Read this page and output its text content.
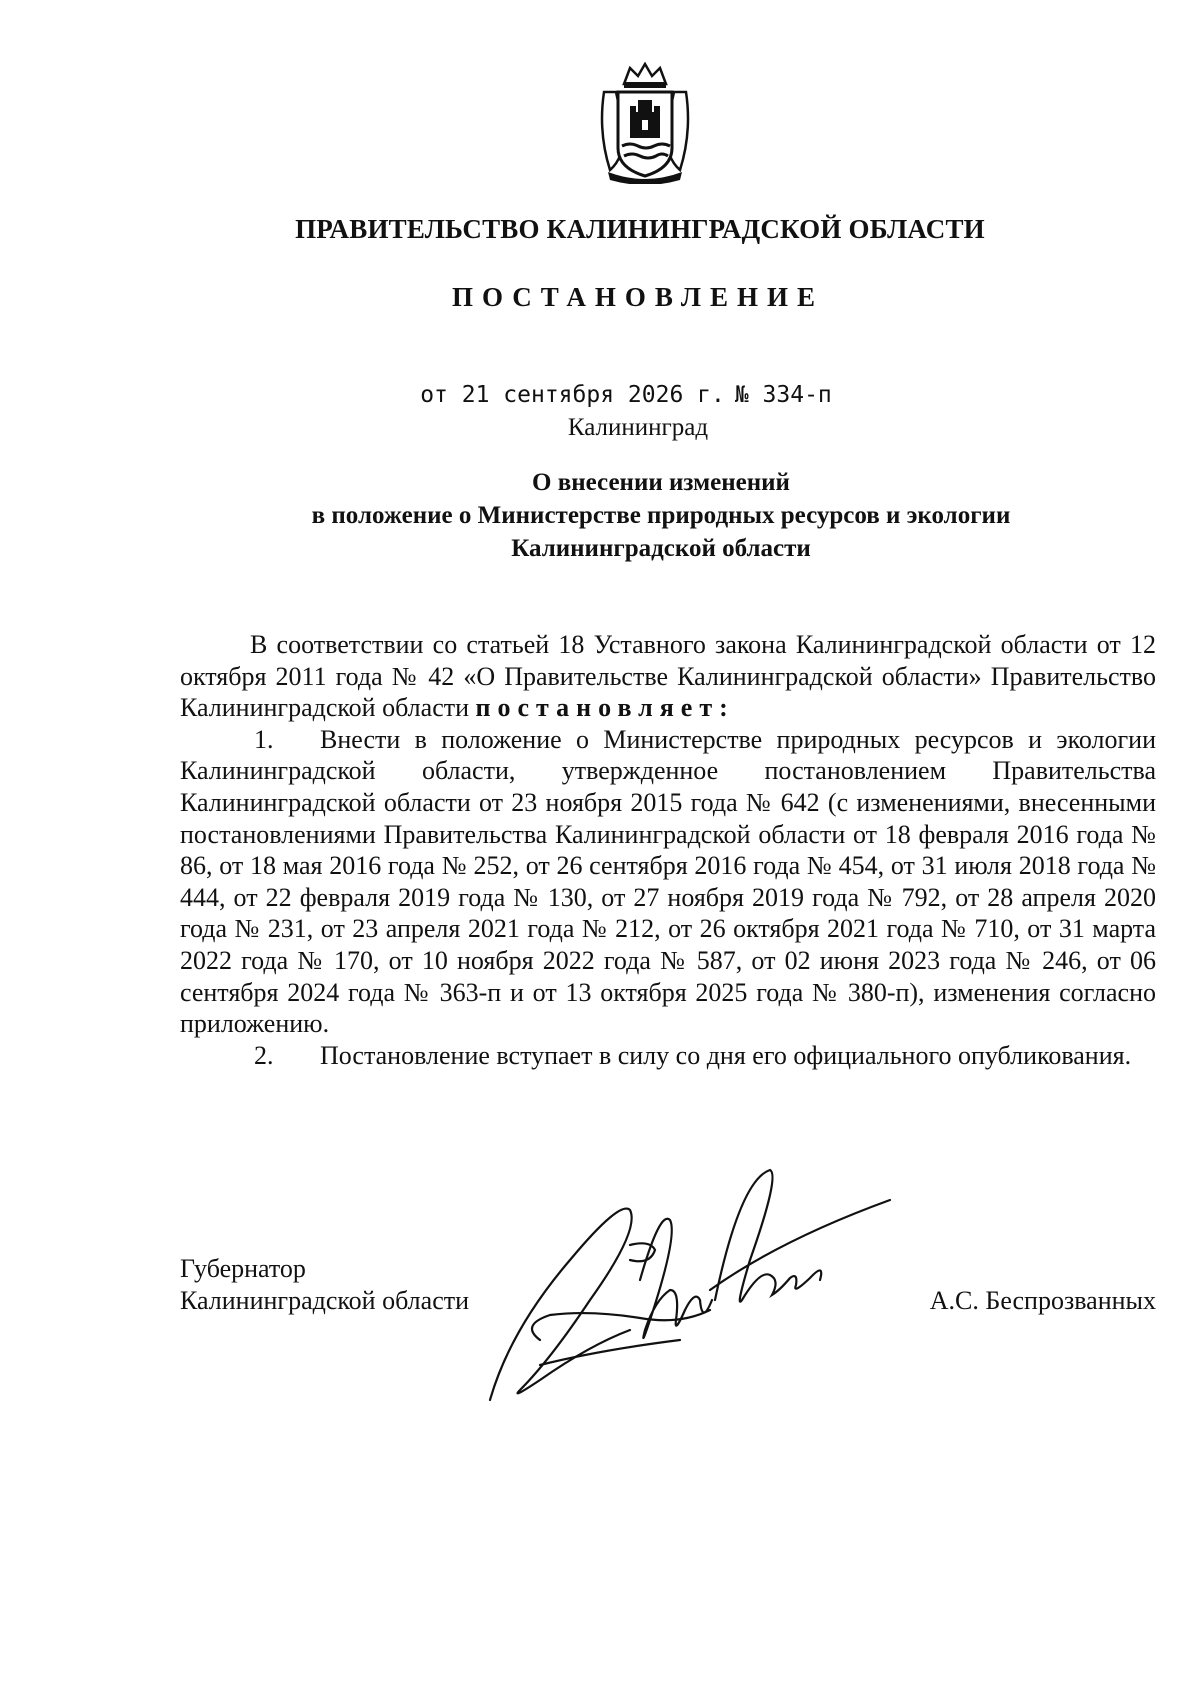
ПРАВИТЕЛЬСТВО КАЛИНИНГРАДСКОЙ ОБЛАСТИ
ПОСТАНОВЛЕНИЕ
от 21 сентября 2026 г. № 334-п
Калининград
О внесении изменений
в положение о Министерстве природных ресурсов и экологии
Калининградской области

В соответствии со статьей 18 Уставного закона Калининградской области от 12 октября 2011 года № 42 «О Правительстве Калининградской области» Правительство Калининградской области постановляет:

1. Внести в положение о Министерстве природных ресурсов и экологии Калининградской области, утвержденное постановлением Правительства Калининградской области от 23 ноября 2015 года № 642 (с изменениями, внесенными постановлениями Правительства Калининградской области от 18 февраля 2016 года № 86, от 18 мая 2016 года № 252, от 26 сентября 2016 года № 454, от 31 июля 2018 года № 444, от 22 февраля 2019 года № 130, от 27 ноября 2019 года № 792, от 28 апреля 2020 года № 231, от 23 апреля 2021 года № 212, от 26 октября 2021 года № 710, от 31 марта 2022 года № 170, от 10 ноября 2022 года № 587, от 02 июня 2023 года № 246, от 06 сентября 2024 года № 363-п и от 13 октября 2025 года № 380-п), изменения согласно приложению.

2. Постановление вступает в силу со дня его официального опубликования.

Губернатор
Калининградской области	А.С. Беспрозванных
